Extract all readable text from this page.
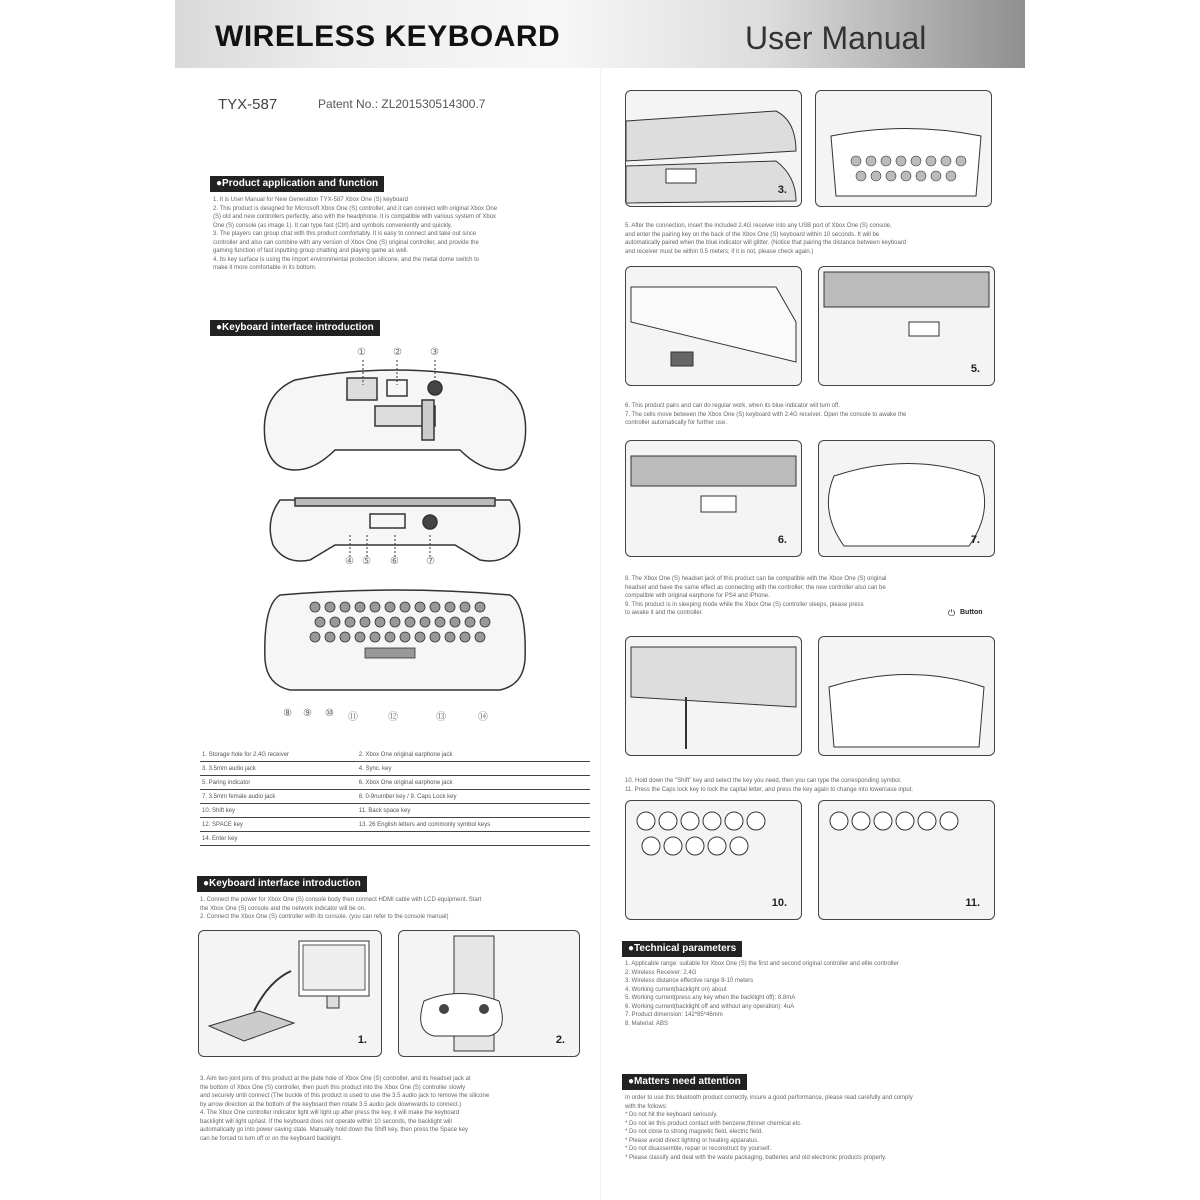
WIRELESS KEYBOARD	User Manual
TYX-587	Patent No.: ZL201530514300.7
● Product application and function
1. It is User Manual for New Generation TYX-587 Xbox One (S) keyboard
2. This product is designed for Microsoft Xbox One (S) controller, and it can connect with original Xbox One
(S) old and new controllers perfectly, also with the headphone. It is compatible with various system of Xbox
One (S) console (as image 1). It can type fast (Ctrl) and symbols conveniently and quickly.
3. The players can group chat with this product comfortably. It is easy to connect and take out since
controller and also can combine with any version of Xbox One (S) original controller, and provide the
gaming function of fast inputting group chatting and playing game as well.
4. Its key surface is using the import environmental protection silicone, and the metal dome switch to
make it more comfortable in its bottom.
● Keyboard interface introduction
①	②	③
④ ⑤ ⑥	⑦
⑧ ⑨ ⑩ ⑪	⑫	⑬	⑭
1. Storage hole for 2.4G receiver	2. Xbox One original earphone jack
3. 3.5mm audio jack	4. Sync. key
5. Paring indicator	6. Xbox One original earphone jack
7. 3.5mm female audio jack	8. 0-9number key / 9. Caps Lock key
10. Shift key	11. Back space key
12. SPACE key	13. 26 English letters and commonly symbol keys
14. Enter key	
● Keyboard interface introduction
1. Connect the power for Xbox One (S) console body then connect HDMI cable with LCD equipment. Start
the Xbox One (S) console and the network indicator will be on.
2. Connect the Xbox One (S) controller with its console. (you can refer to the console manual)
1.	2.
3. Aim two joint pins of this product at the plate hole of Xbox One (S) controller, and its headset jack at
the bottom of Xbox One (S) controller, then push this product into the Xbox One (S) controller slowly
and securely until connect (The buckle of this product is used to use the 3.5 audio jack to remove the silicone
by arrow direction at the bottom of the keyboard then rotate 3.5 audio jack downwards to connect.)
4. The Xbox One controller indicator light will light up after press the key, it will make the keyboard
backlight will light up/last. If the keyboard does not operate within 10 seconds, the backlight will
automatically go into power saving state. Manually hold down the Shift key, then press the Space key
can be forced to turn off or on the keyboard backlight.
3.
5. After the connection, insert the included 2.4G receiver into any USB port of Xbox One (S) console,
and enter the pairing key on the back of the Xbox One (S) keyboard within 10 seconds. It will be
automatically paired when the blue indicator will glitter. (Notice that pairing the distance between keyboard
and receiver must be within 0.5 meters; if it is not, please check again.)
5.
6. This product pairs and can do regular work, when its blue indicator will turn off.
7. The cells move between the Xbox One (S) keyboard with 2.4G receiver. Open the console to awake the
controller automatically for further use.
6.	7.
8. The Xbox One (S) headset jack of this product can be compatible with the Xbox One (S) original
headset and have the same effect as connecting with the controller; the new controller also can be
compatible with original earphone for PS4 and iPhone.
9. This product is in sleeping mode while the Xbox One (S) controller sleeps, please press
to awake it and the controller.	⏻ Button
10. Hold down the "Shift" key and select the key you need, then you can type the corresponding symbol.
11. Press the Caps lock key to lock the capital letter, and press the key again to change into lowercase input.
10.	11.
● Technical parameters
1. Applicable range: suitable for Xbox One (S) the first and second original controller and elite controller
2. Wireless Receiver: 2.4G
3. Wireless distance effective range 8-10 meters
4. Working current(backlight on) about
5. Working current(press any key when the backlight off): 8.8mA
6. Working current(backlight off and without any operation): 4uA
7. Product dimension: 142*85*46mm
8. Material: ABS
● Matters need attention
In order to use this bluetooth product correctly, insure a good performance, please read carefully and comply
with the follows:
* Do not hit the keyboard seriously.
* Do not let this product contact with benzene,thinner chemical etc.
* Do not close to strong magnetic field, electric field.
* Please avoid direct lighting or heating apparatus.
* Do not disassemble, repair or reconstruct by yourself.
* Please classify and deal with the waste packaging, batteries and old electronic products properly.
